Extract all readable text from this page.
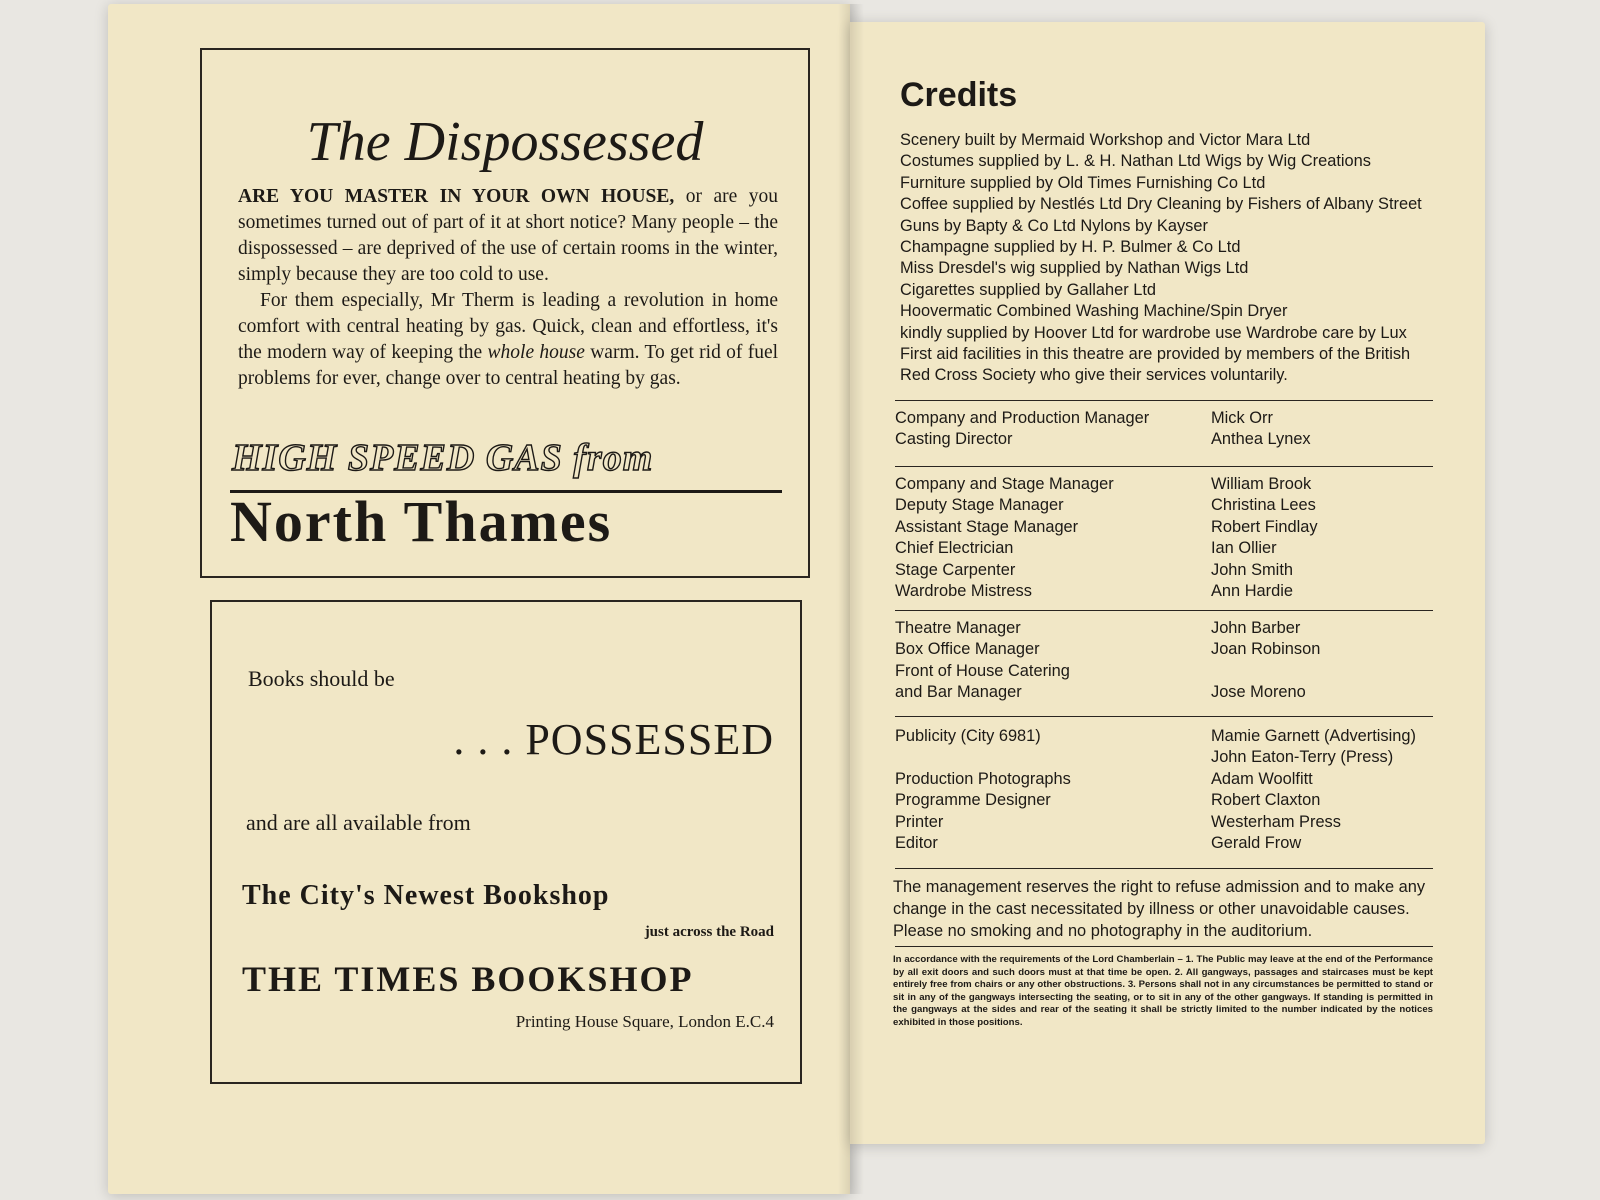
The Dispossessed

ARE YOU MASTER IN YOUR OWN HOUSE, or are you sometimes turned out of part of it at short notice? Many people – the dispossessed – are deprived of the use of certain rooms in the winter, simply because they are too cold to use.

For them especially, Mr Therm is leading a revolution in home comfort with central heating by gas. Quick, clean and effortless, it's the modern way of keeping the whole house warm. To get rid of fuel problems for ever, change over to central heating by gas.

HIGH SPEED GAS from
North Thames
Books should be
. . . POSSESSED
and are all available from
The City's Newest Bookshop
just across the Road
THE TIMES BOOKSHOP
Printing House Square, London E.C.4
Credits
Scenery built by Mermaid Workshop and Victor Mara Ltd
Costumes supplied by L. & H. Nathan Ltd Wigs by Wig Creations
Furniture supplied by Old Times Furnishing Co Ltd
Coffee supplied by Nestlés Ltd Dry Cleaning by Fishers of Albany Street
Guns by Bapty & Co Ltd Nylons by Kayser
Champagne supplied by H. P. Bulmer & Co Ltd
Miss Dresdel's wig supplied by Nathan Wigs Ltd
Cigarettes supplied by Gallaher Ltd
Hoovermatic Combined Washing Machine/Spin Dryer
kindly supplied by Hoover Ltd for wardrobe use Wardrobe care by Lux
First aid facilities in this theatre are provided by members of the British
Red Cross Society who give their services voluntarily.
Company and Production Manager	Mick Orr
Casting Director	Anthea Lynex
Company and Stage Manager	William Brook
Deputy Stage Manager	Christina Lees
Assistant Stage Manager	Robert Findlay
Chief Electrician	Ian Ollier
Stage Carpenter	John Smith
Wardrobe Mistress	Ann Hardie
Theatre Manager	John Barber
Box Office Manager	Joan Robinson
Front of House Catering
and Bar Manager	Jose Moreno
Publicity (City 6981)	Mamie Garnett (Advertising)
John Eaton-Terry (Press)
Production Photographs	Adam Woolfitt
Programme Designer	Robert Claxton
Printer	Westerham Press
Editor	Gerald Frow
The management reserves the right to refuse admission and to make any change in the cast necessitated by illness or other unavoidable causes. Please no smoking and no photography in the auditorium.
In accordance with the requirements of the Lord Chamberlain – 1. The Public may leave at the end of the Performance by all exit doors and such doors must at that time be open. 2. All gangways, passages and staircases must be kept entirely free from chairs or any other obstructions. 3. Persons shall not in any circumstances be permitted to stand or sit in any of the gangways intersecting the seating, or to sit in any of the other gangways. If standing is permitted in the gangways at the sides and rear of the seating it shall be strictly limited to the number indicated by the notices exhibited in those positions.
